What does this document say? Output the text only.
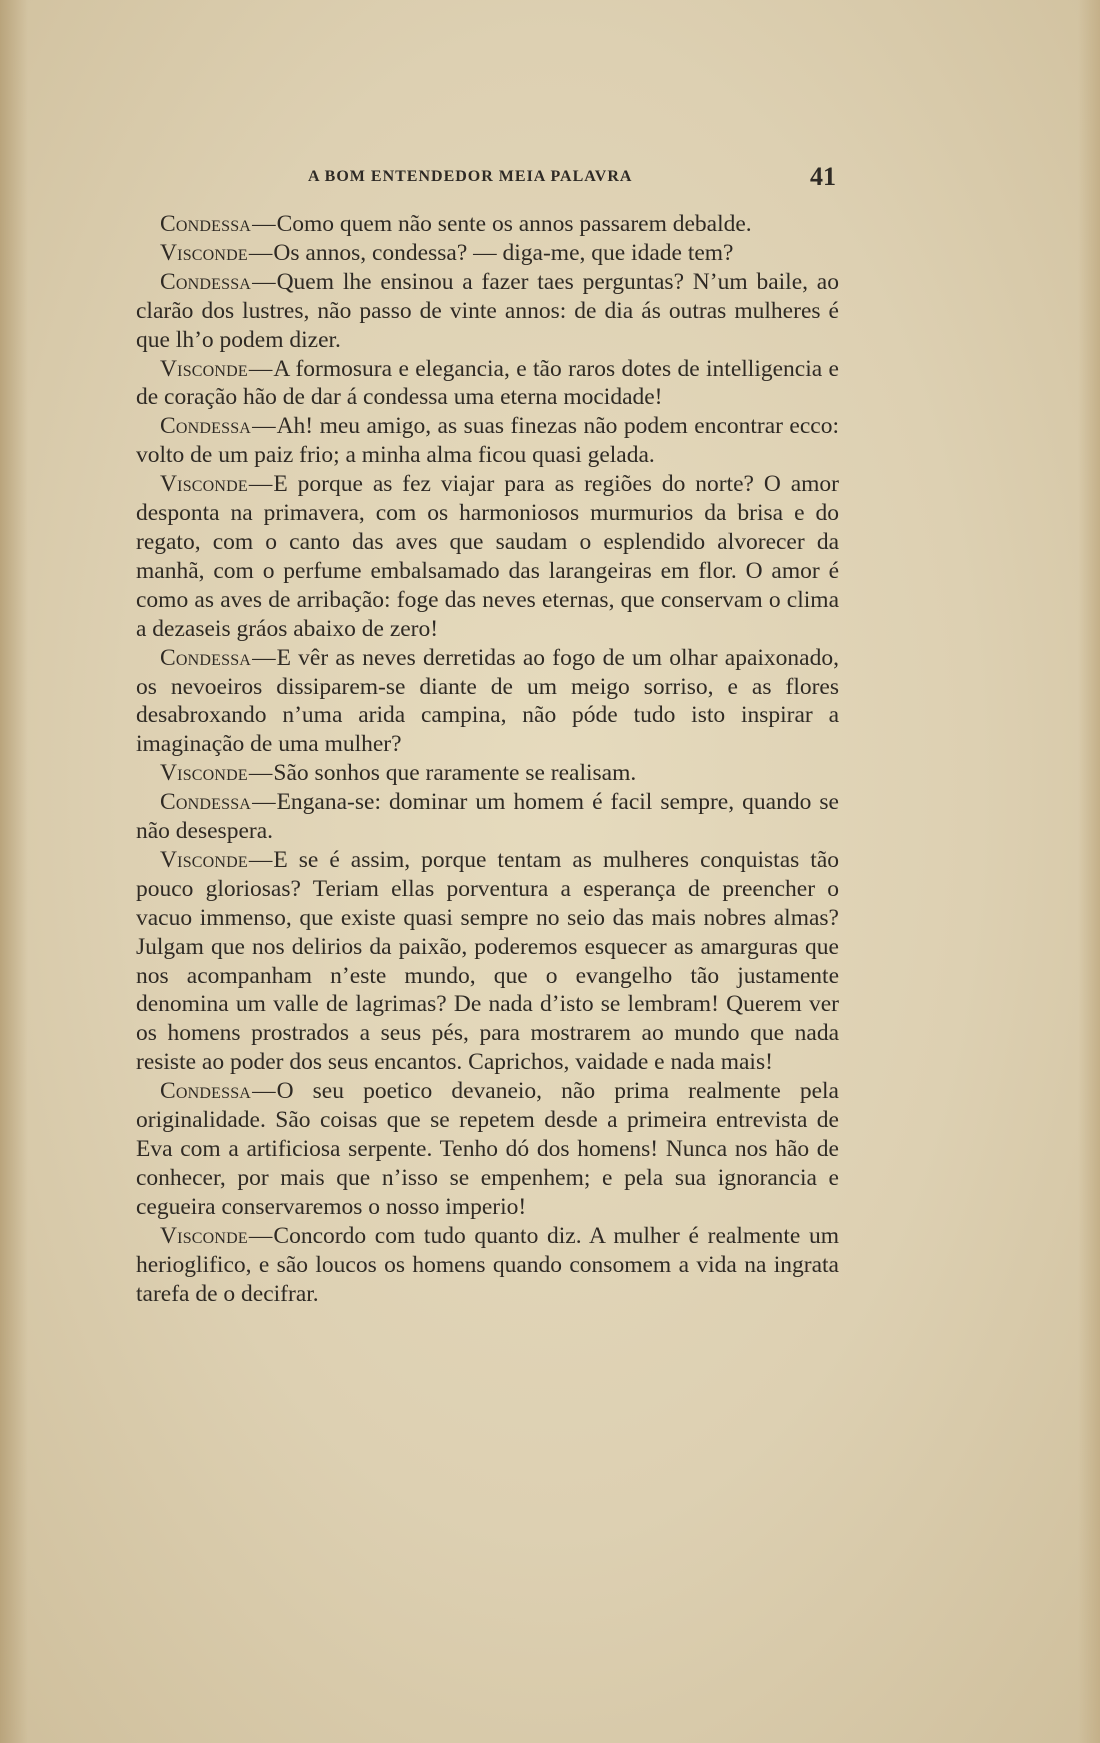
A BOM ENTENDEDOR MEIA PALAVRA	41

Condessa—Como quem não sente os annos passarem debalde.

Visconde—Os annos, condessa? — diga-me, que idade tem?

Condessa—Quem lhe ensinou a fazer taes perguntas? N’um baile, ao clarão dos lustres, não passo de vinte annos: de dia ás outras mulheres é que lh’o podem dizer.

Visconde—A formosura e elegancia, e tão raros dotes de intelligencia e de coração hão de dar á condessa uma eterna mocidade!

Condessa—Ah! meu amigo, as suas finezas não podem encontrar ecco: volto de um paiz frio; a minha alma ficou quasi gelada.

Visconde—E porque as fez viajar para as regiões do norte? O amor desponta na primavera, com os harmoniosos murmurios da brisa e do regato, com o canto das aves que saudam o esplendido alvorecer da manhã, com o perfume embalsamado das larangeiras em flor. O amor é como as aves de arribação: foge das neves eternas, que conservam o clima a dezaseis gráos abaixo de zero!

Condessa—E vêr as neves derretidas ao fogo de um olhar apaixonado, os nevoeiros dissiparem-se diante de um meigo sorriso, e as flores desabroxando n’uma arida campina, não póde tudo isto inspirar a imaginação de uma mulher?

Visconde—São sonhos que raramente se realisam.

Condessa—Engana-se: dominar um homem é facil sempre, quando se não desespera.

Visconde—E se é assim, porque tentam as mulheres conquistas tão pouco gloriosas? Teriam ellas porventura a esperança de preencher o vacuo immenso, que existe quasi sempre no seio das mais nobres almas? Julgam que nos delirios da paixão, poderemos esquecer as amarguras que nos acompanham n’este mundo, que o evangelho tão justamente denomina um valle de lagrimas? De nada d’isto se lembram! Querem ver os homens prostrados a seus pés, para mostrarem ao mundo que nada resiste ao poder dos seus encantos. Caprichos, vaidade e nada mais!

Condessa—O seu poetico devaneio, não prima realmente pela originalidade. São coisas que se repetem desde a primeira entrevista de Eva com a artificiosa serpente. Tenho dó dos homens! Nunca nos hão de conhecer, por mais que n’isso se empenhem; e pela sua ignorancia e cegueira conservaremos o nosso imperio!

Visconde—Concordo com tudo quanto diz. A mulher é realmente um herioglifico, e são loucos os homens quando consomem a vida na ingrata tarefa de o decifrar.
